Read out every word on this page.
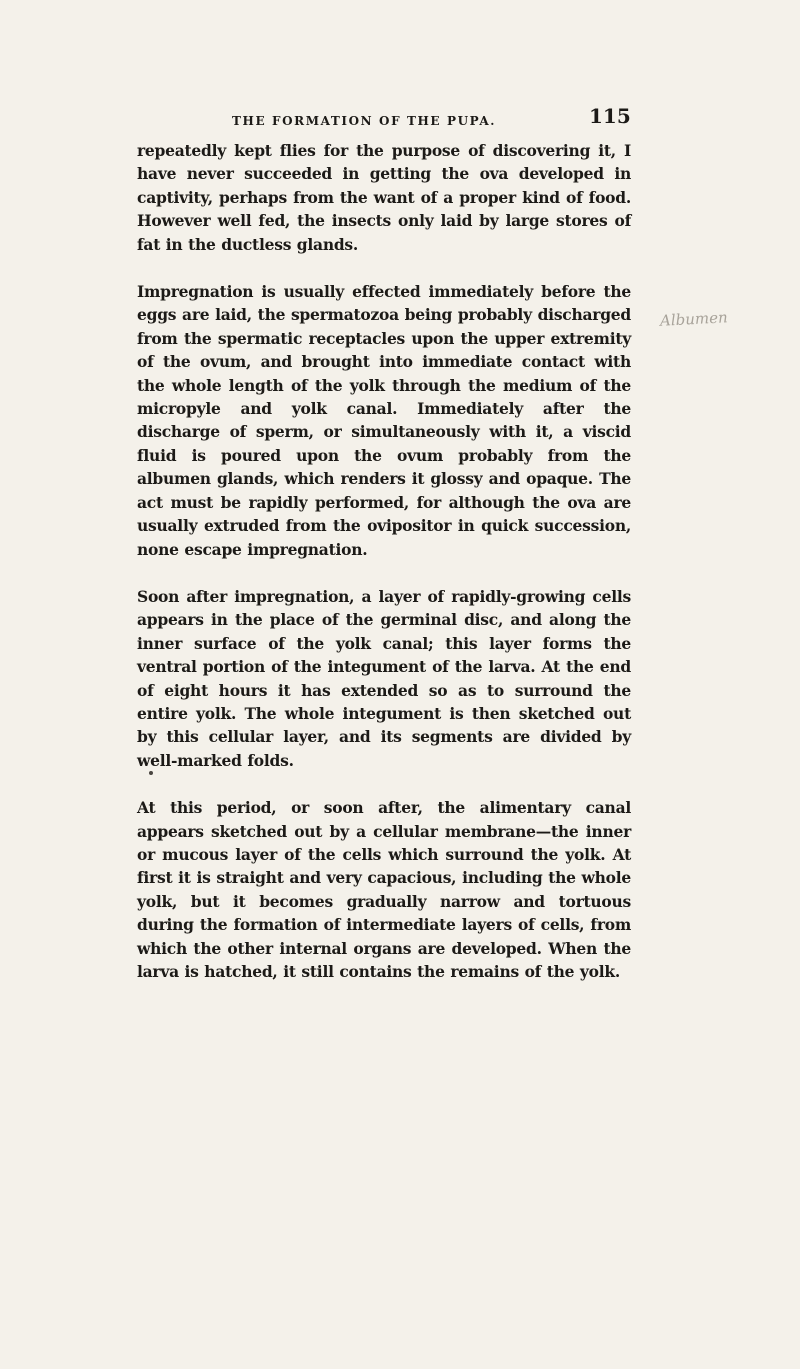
THE FORMATION OF THE PUPA.	115

repeatedly kept flies for the purpose of discovering it, I have never succeeded in getting the ova developed in captivity, perhaps from the want of a proper kind of food. However well fed, the insects only laid by large stores of fat in the ductless glands.

Impregnation is usually effected immediately before the eggs are laid, the spermatozoa being probably discharged from the spermatic receptacles upon the upper extremity of the ovum, and brought into immediate contact with the whole length of the yolk through the medium of the micropyle and yolk canal. Immediately after the discharge of sperm, or simultaneously with it, a viscid fluid is poured upon the ovum probably from the albumen glands, which renders it glossy and opaque. The act must be rapidly performed, for although the ova are usually extruded from the ovipositor in quick succession, none escape impregnation.

Soon after impregnation, a layer of rapidly-growing cells appears in the place of the germinal disc, and along the inner surface of the yolk canal; this layer forms the ventral portion of the integument of the larva. At the end of eight hours it has extended so as to surround the entire yolk. The whole integument is then sketched out by this cellular layer, and its segments are divided by well-marked folds.

At this period, or soon after, the alimentary canal appears sketched out by a cellular membrane—the inner or mucous layer of the cells which surround the yolk. At first it is straight and very capacious, including the whole yolk, but it becomes gradually narrow and tortuous during the formation of intermediate layers of cells, from which the other internal organs are developed. When the larva is hatched, it still contains the remains of the yolk.

Albumen
